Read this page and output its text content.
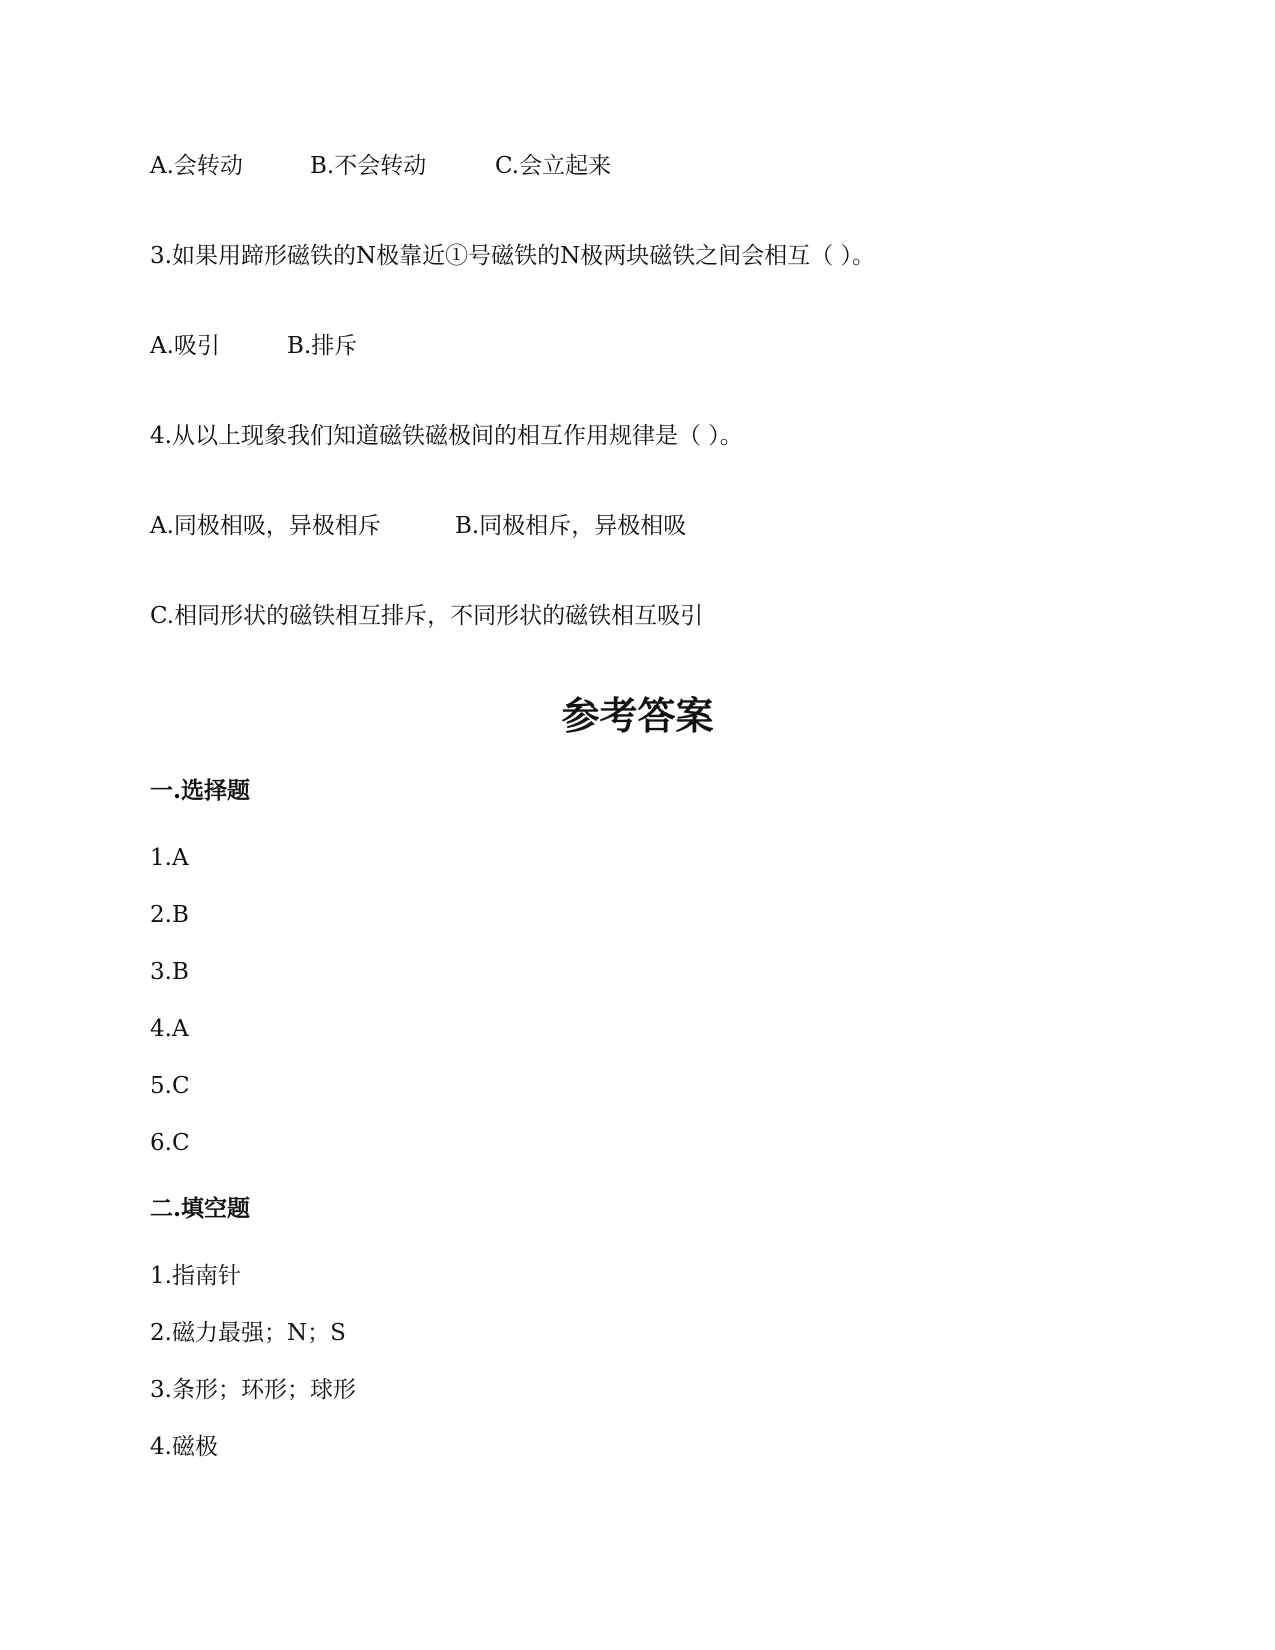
A.会转动	B.不会转动	C.会立起来
3.如果用蹄形磁铁的N极靠近①号磁铁的N极两块磁铁之间会相互（ ）。
A.吸引	B.排斥
4.从以上现象我们知道磁铁磁极间的相互作用规律是（ ）。
A.同极相吸，异极相斥	B.同极相斥，异极相吸
C.相同形状的磁铁相互排斥，不同形状的磁铁相互吸引
参考答案
一.选择题
1.A
2.B
3.B
4.A
5.C
6.C
二.填空题
1.指南针
2.磁力最强；N；S
3.条形；环形；球形
4.磁极
